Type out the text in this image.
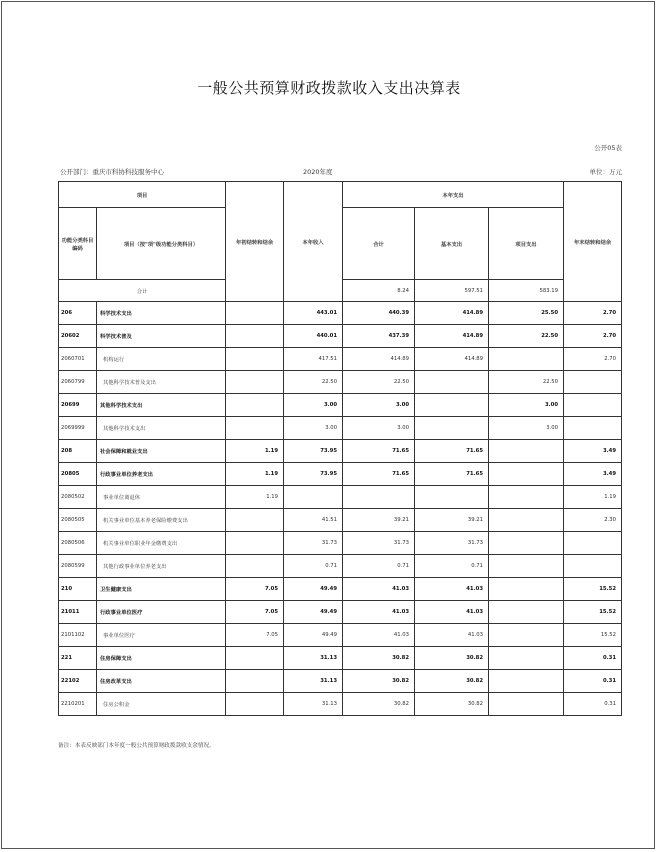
一般公共预算财政拨款收入支出决算表
公开05表
公开部门：重庆市科协科技服务中心	2020年度	单位：万元
项目		年初结转和结余	本年收入	本年支出			年末结转和结余	
功能分类科目编码	项目（按"项"级功能分类科目）			合计	基本支出	项目支出		
合计				8.24	597.51	583.19			
206	科学技术支出		443.01	440.39	414.89	25.50	2.70	
20602	科学技术普及		440.01	437.39	414.89	22.50	2.70	
2060701	机构运行		417.51	414.89	414.89		2.70	
2060799	其他科学技术普及支出		22.50	22.50		22.50		
20699	其他科学技术支出		3.00	3.00		3.00		
2069999	其他科学技术支出		3.00	3.00		3.00		
208	社会保障和就业支出	1.19	73.95	71.65	71.65		3.49	
20805	行政事业单位养老支出	1.19	73.95	71.65	71.65		3.49	
2080502	事业单位离退休	1.19					1.19	
2080505	机关事业单位基本养老保险缴费支出		41.51	39.21	39.21		2.30	
2080506	机关事业单位职业年金缴费支出		31.73	31.73	31.73			
2080599	其他行政事业单位养老支出		0.71	0.71	0.71			
210	卫生健康支出	7.05	49.49	41.03	41.03		15.52	
21011	行政事业单位医疗	7.05	49.49	41.03	41.03		15.52	
2101102	事业单位医疗	7.05	49.49	41.03	41.03		15.52	
221	住房保障支出		31.13	30.82	30.82		0.31	
22102	住房改革支出		31.13	30.82	30.82		0.31	
2210201	住房公积金		31.13	30.82	30.82		0.31	
备注：本表反映部门本年度一般公共预算财政拨款收支余情况。
